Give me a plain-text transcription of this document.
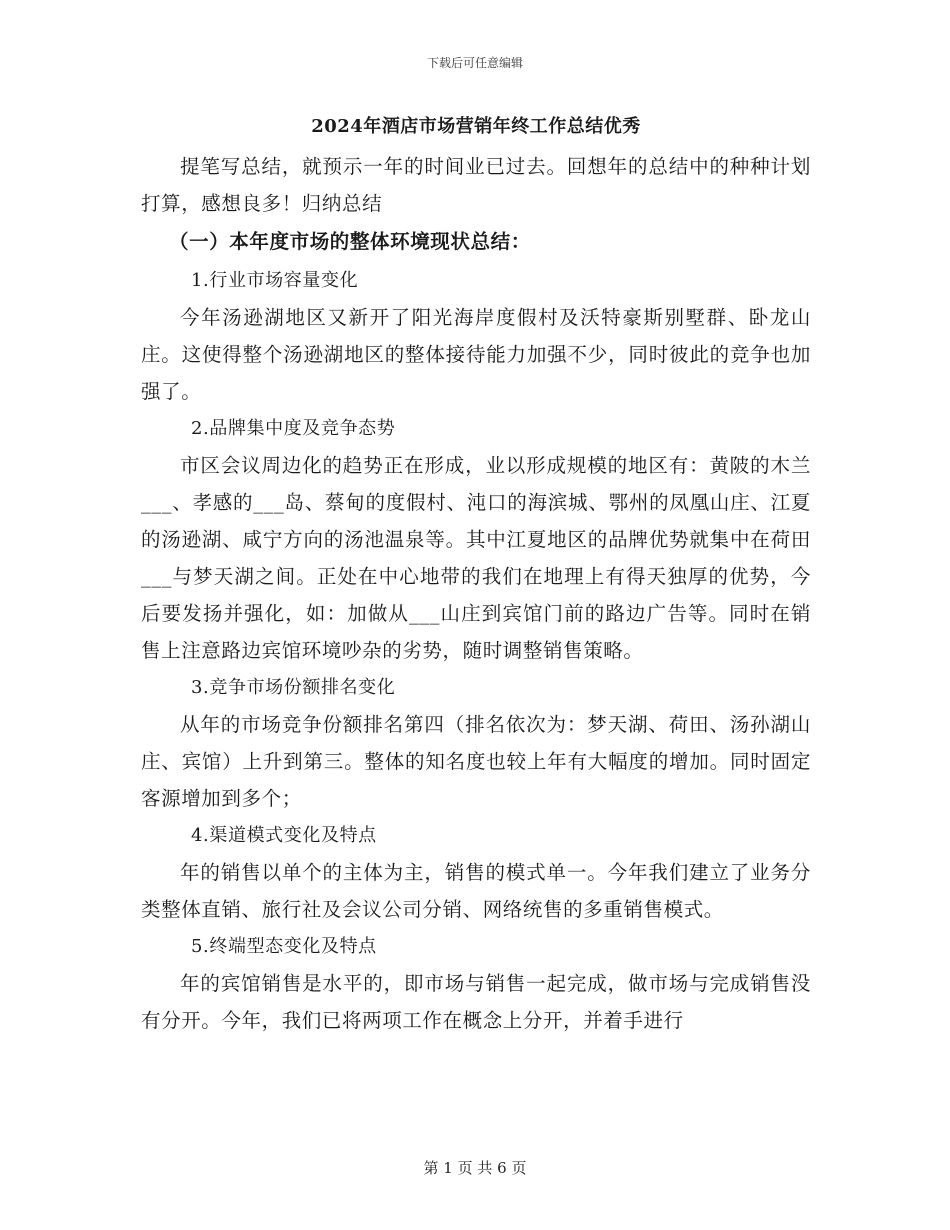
下载后可任意编辑
2024年酒店市场营销年终工作总结优秀

提笔写总结，就预示一年的时间业已过去。回想年的总结中的种种计划打算，感想良多！归纳总结

（一）本年度市场的整体环境现状总结：

1.行业市场容量变化

今年汤逊湖地区又新开了阳光海岸度假村及沃特豪斯别墅群、卧龙山庄。这使得整个汤逊湖地区的整体接待能力加强不少，同时彼此的竞争也加强了。

2.品牌集中度及竞争态势

市区会议周边化的趋势正在形成，业以形成规模的地区有：黄陂的木兰___、孝感的___岛、蔡甸的度假村、沌口的海滨城、鄂州的凤凰山庄、江夏的汤逊湖、咸宁方向的汤池温泉等。其中江夏地区的品牌优势就集中在荷田___与梦天湖之间。正处在中心地带的我们在地理上有得天独厚的优势，今后要发扬并强化，如：加做从___山庄到宾馆门前的路边广告等。同时在销售上注意路边宾馆环境吵杂的劣势，随时调整销售策略。

3.竞争市场份额排名变化

从年的市场竞争份额排名第四（排名依次为：梦天湖、荷田、汤孙湖山庄、宾馆）上升到第三。整体的知名度也较上年有大幅度的增加。同时固定客源增加到多个；

4.渠道模式变化及特点

年的销售以单个的主体为主，销售的模式单一。今年我们建立了业务分类整体直销、旅行社及会议公司分销、网络统售的多重销售模式。

5.终端型态变化及特点

年的宾馆销售是水平的，即市场与销售一起完成，做市场与完成销售没有分开。今年，我们已将两项工作在概念上分开，并着手进行

第 1 页 共 6 页
